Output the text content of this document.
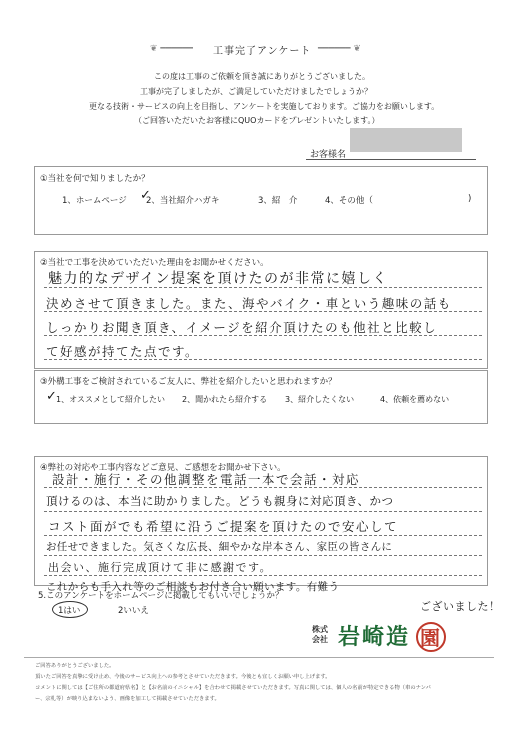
❦ ━━━━━━ 工事完了アンケート ━━━━━━ ❦
この度は工事のご依頼を頂き誠にありがとうございました。
工事が完了しましたが、ご満足していただけましたでしょうか？
更なる技術・サービスの向上を目指し、アンケートを実施しております。ご協力をお願いします。
（ご回答いただいたお客様にQUOカードをプレゼントいたします。）
お客様名
①当社を何で知りましたか？
1、ホームページ 2、当社紹介ハガキ
✓	3、紹　介	4、その他（	)
②当社で工事を決めていただいた理由をお聞かせください。
魅力的なデザイン提案を頂けたのが非常に嬉しく
決めさせて頂きました。また、海やバイク・車という趣味の話も
しっかりお聞き頂き、イメージを紹介頂けたのも他社と比較し
て好感が持てた点です。
③外構工事をご検討されているご友人に、弊社を紹介したいと思われますか？
✓
1、オススメとして紹介したい 2、聞かれたら紹介する 3、紹介したくない	4、依頼を薦めない
④弊社の対応や工事内容などご意見、ご感想をお聞かせ下さい。
設計・施行・その他調整を電話一本で会話・対応
頂けるのは、本当に助かりました。どうも親身に対応頂き、かつ
コスト面がでも希望に沿うご提案を頂けたので安心して
お任せできました。気さくな広長、細やかな岸本さん、家臣の皆さんに
出会い、施行完成頂けて非に感謝です。
これからも手入れ等のご相談もお付き合い願います。有難う
ございました！
5.このアンケートをホームページに掲載してもいいでしょうか？
1はい	2いいえ
株式
会社 岩崎造 園
ご回答ありがとうございました。
頂いたご回答を真摯に受け止め、今後のサービス向上への参考とさせていただきます。今後とも宜しくお願い申し上げます。
コメントに関しては【ご住所の都道府県名】と【お名前のイニシャル】を合わせて掲載させていただきます。写真に関しては、個人の名前が特定できる物（車のナンバ
ー、宗札等）が映り込まないよう、画像を加工して掲載させていただきます。
